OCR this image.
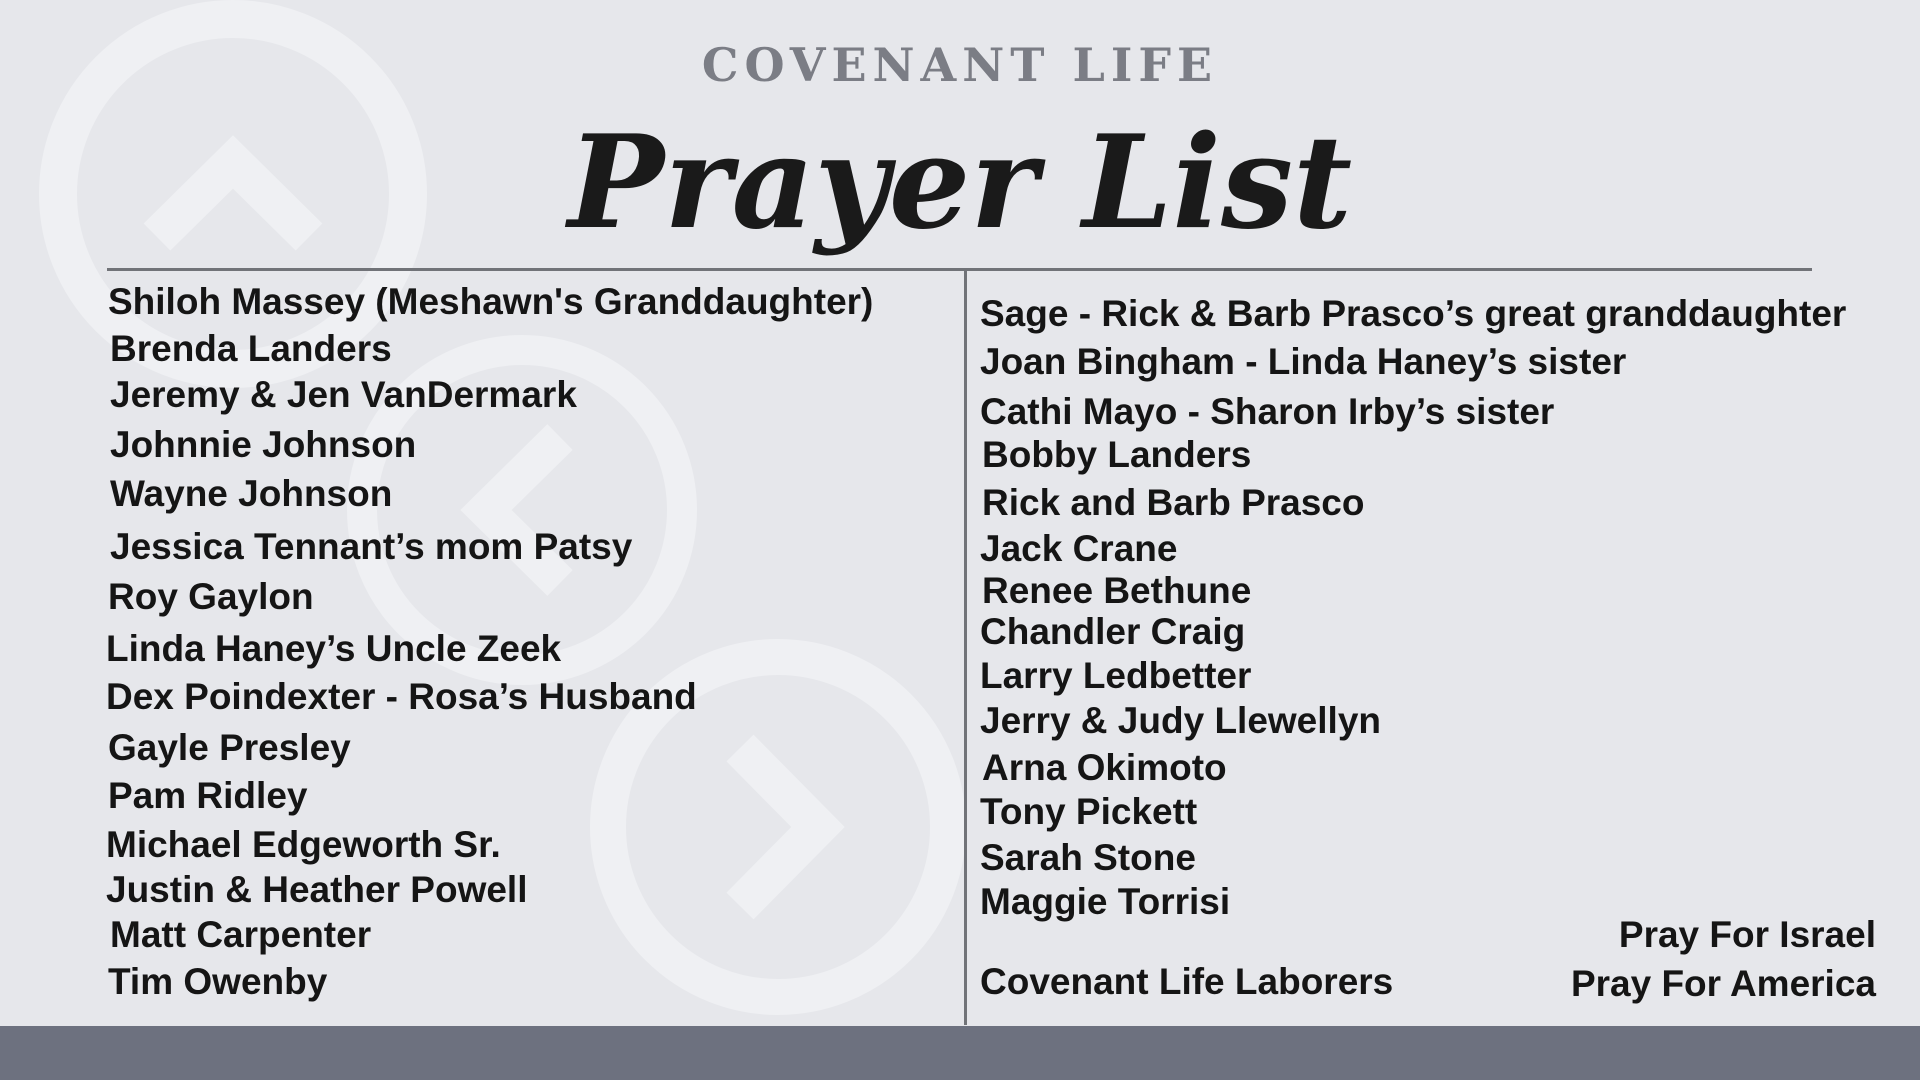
COVENANT LIFE
Prayer List

Shiloh Massey (Meshawn's Granddaughter)

Brenda Landers

Jeremy & Jen VanDermark

Johnnie Johnson

Wayne Johnson

Jessica Tennant’s mom Patsy

Roy Gaylon

Linda Haney’s Uncle Zeek

Dex Poindexter - Rosa’s Husband

Gayle Presley

Pam Ridley

Michael Edgeworth Sr.

Justin & Heather Powell

Matt Carpenter

Tim Owenby

Sage - Rick & Barb Prasco’s great granddaughter

Joan Bingham - Linda Haney’s sister

Cathi Mayo - Sharon Irby’s sister

Bobby Landers

Rick and Barb Prasco

Jack Crane

Renee Bethune

Chandler Craig

Larry Ledbetter

Jerry & Judy Llewellyn

Arna Okimoto

Tony Pickett

Sarah Stone

Maggie Torrisi

Covenant Life Laborers

Pray For Israel

Pray For America
